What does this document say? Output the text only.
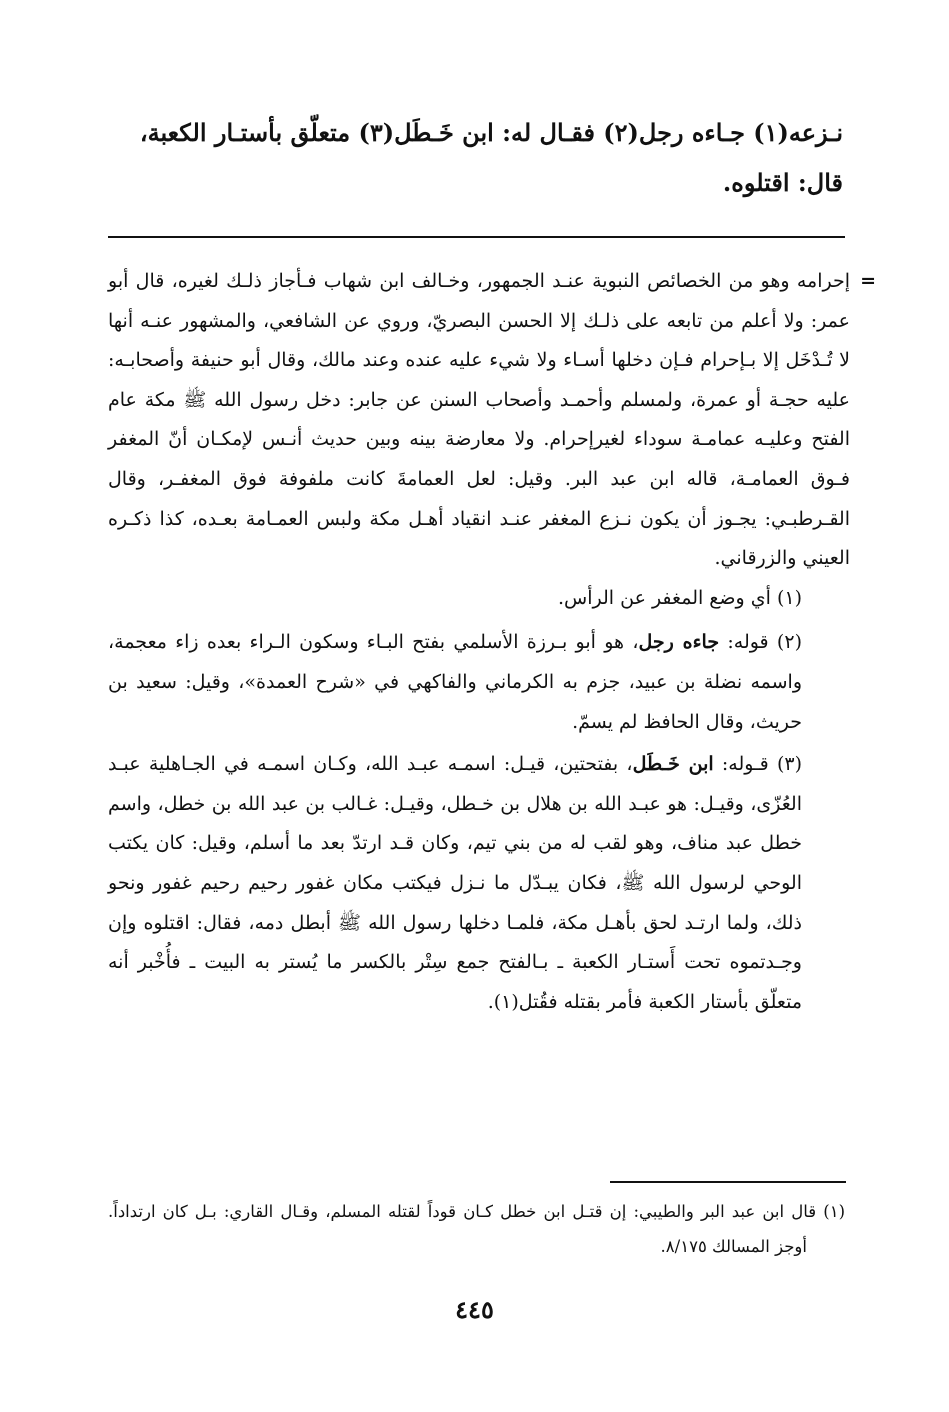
نـزعه(١) جـاءه رجل(٢) فقـال له: ابن خَـطَل(٣) متعلّق بأستـار الكعبة،

قال: اقتلوه.

=

إحرامه وهو من الخصائص النبوية عنـد الجمهور، وخـالف ابن شهاب فـأجاز ذلـك لغيره، قال أبو عمر: ولا أعلم من تابعه على ذلـك إلا الحسن البصريّ، وروي عن الشافعي، والمشهور عنـه أنها لا تُـدْخَل إلا بـإحرام فـإن دخلها أسـاء ولا شيء عليه عنده وعند مالك، وقال أبو حنيفة وأصحابـه: عليه حجـة أو عمرة، ولمسلم وأحمـد وأصحاب السنن عن جابر: دخل رسول الله ﷺ مكة عام الفتح وعليـه عمامـة سوداء لغيرإحرام. ولا معارضة بينه وبين حديث أنـس لإمكـان أنّ المغفر فـوق العمامـة، قاله ابن عبد البر. وقيل: لعل العمامةَ كانت ملفوفة فوق المغفـر، وقال القـرطبـي: يجـوز أن يكون نـزع المغفر عنـد انقياد أهـل مكة ولبس العمـامة بعـده، كذا ذكـره العيني والزرقاني.

(١) أي وضع المغفر عن الرأس.

(٢) قوله: جاءه رجل، هو أبو بـرزة الأسلمي بفتح البـاء وسكون الـراء بعده زاء معجمة، واسمه نضلة بن عبيد، جزم به الكرماني والفاكهي في «شرح العمدة»، وقيل: سعيد بن حريث، وقال الحافظ لم يسمّ.

(٣) قـوله: ابن خَـطَل، بفتحتين، قيـل: اسمـه عبـد الله، وكـان اسمـه في الجـاهلية عبـد العُزّى، وقيـل: هو عبـد الله بن هلال بن خـطل، وقيـل: غـالب بن عبد الله بن خطل، واسم خطل عبد مناف، وهو لقب له من بني تيم، وكان قـد ارتدّ بعد ما أسلم، وقيل: كان يكتب الوحي لرسول الله ﷺ، فكان يبـدّل ما نـزل فيكتب مكان غفور رحيم رحيم غفور ونحو ذلك، ولما ارتـد لحق بأهـل مكة، فلمـا دخلها رسول الله ﷺ أبطل دمه، فقال: اقتلوه وإن وجـدتموه تحت أَستـار الكعبة ـ بـالفتح جمع سِتْر بالكسر ما يُستر به البيت ـ فأُخْبر أنه متعلّق بأستار الكعبة فأمر بقتله فقُتل(١).

(١) قال ابن عبد البر والطيبي: إن قتـل ابن خطل كـان قوداً لقتله المسلم، وقـال القاري: بـل كان ارتداداً. أوجز المسالك ٨/١٧٥.

٤٤٥
